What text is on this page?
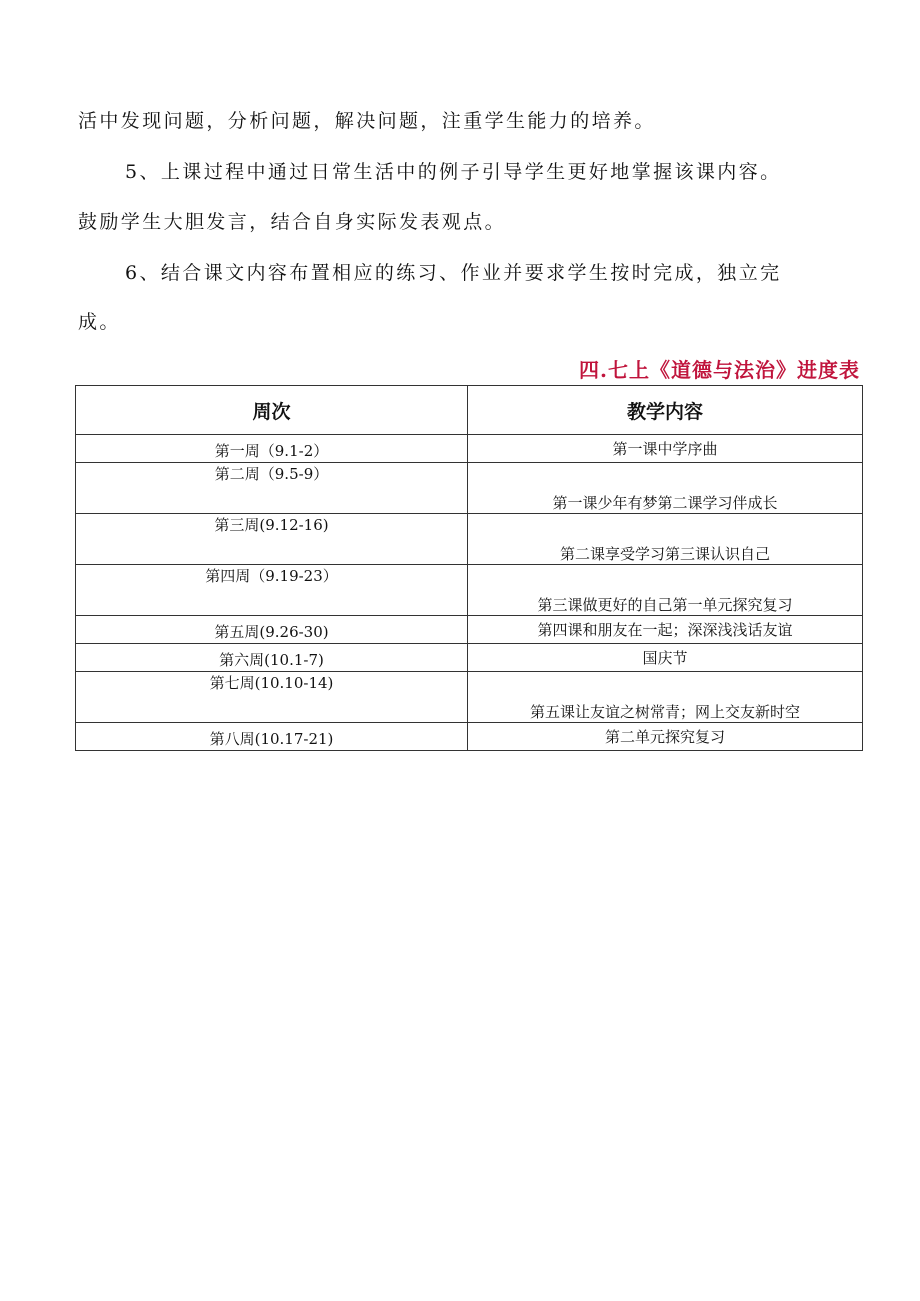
活中发现问题，分析问题，解决问题，注重学生能力的培养。

5、上课过程中通过日常生活中的例子引导学生更好地掌握该课内容。

鼓励学生大胆发言，结合自身实际发表观点。

6、结合课文内容布置相应的练习、作业并要求学生按时完成，独立完

成。

四.七上《道德与法治》进度表
周次	教学内容
第一周（9.1-2）	第一课中学序曲
第二周（9.5-9）	第一课少年有梦第二课学习伴成长
第三周(9.12-16)	第二课享受学习第三课认识自己
第四周（9.19-23）	第三课做更好的自己第一单元探究复习
第五周(9.26-30)	第四课和朋友在一起；深深浅浅话友谊
第六周(10.1-7)	国庆节
第七周(10.10-14)	第五课让友谊之树常青；网上交友新时空
第八周(10.17-21)	第二单元探究复习
